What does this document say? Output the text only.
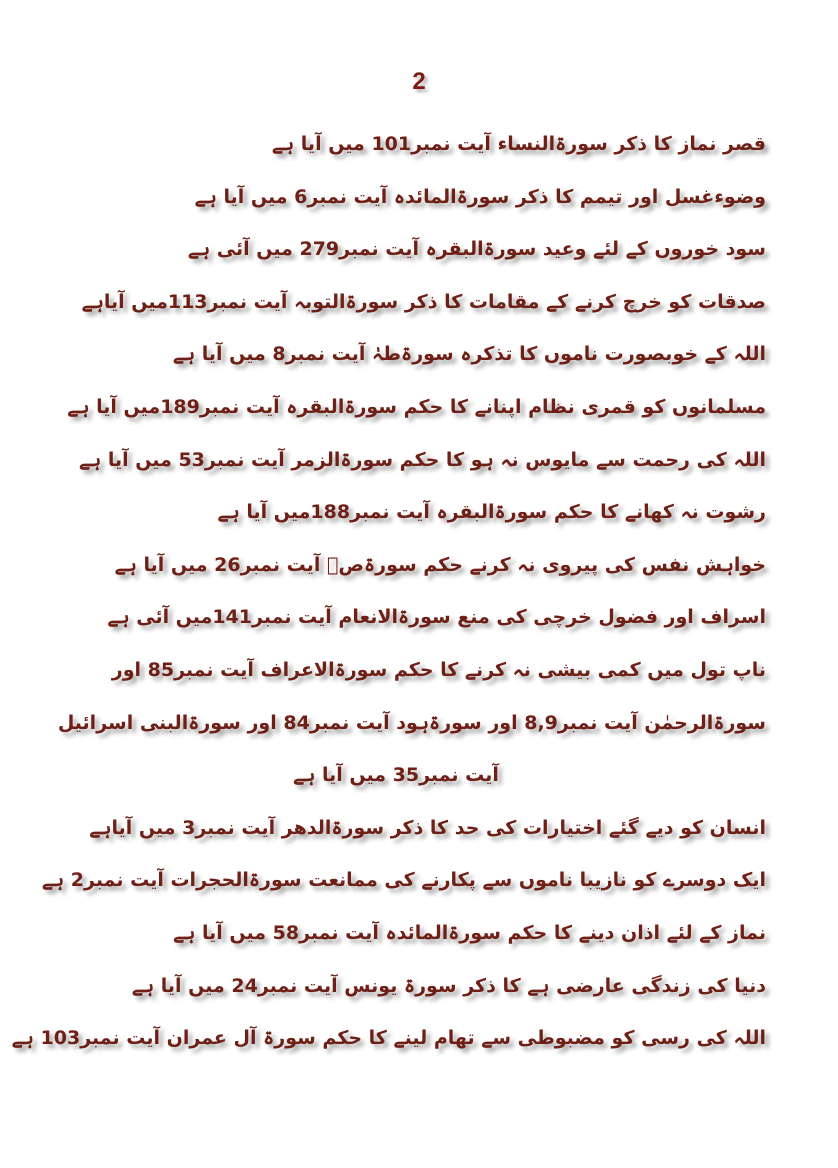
2
قصر نماز کا ذکر سورۃالنساء آیت نمبر101 میں آیا ہے
وضوءغسل اور تیمم کا ذکر سورۃالمائدہ آیت نمبر6 میں آیا ہے
سود خوروں کے لئے وعید سورۃالبقرہ آیت نمبر279 میں آئی ہے
صدقات کو خرچ کرنے کے مقامات کا ذکر سورۃالتوبہ آیت نمبر113میں آیاہے
اللہ کے خوبصورت ناموں کا تذکرہ سورۃطہٰ آیت نمبر8 میں آیا ہے
مسلمانوں کو قمری نظام اپنانے کا حکم سورۃالبقرہ آیت نمبر189میں آیا ہے
اللہ کی رحمت سے مایوس نہ ہو کا حکم سورۃالزمر آیت نمبر53 میں آیا ہے
رشوت نہ کھانے کا حکم سورۃالبقرہ آیت نمبر188میں آیا ہے
خواہش نفس کی پیروی نہ کرنے حکم سورۃصؔ آیت نمبر26 میں آیا ہے
اسراف اور فضول خرچی کی منع سورۃالانعام آیت نمبر141میں آئی ہے
ناپ تول میں کمی بیشی نہ کرنے کا حکم سورۃالاعراف آیت نمبر85 اور
سورۃالرحمٰن آیت نمبر8,9 اور سورۃہود آیت نمبر84 اور سورۃالبنی اسرائیل
آیت نمبر35 میں آیا ہے
انسان کو دیے گئے اختیارات کی حد کا ذکر سورۃالدھر آیت نمبر3 میں آیاہے
ایک دوسرے کو نازیبا ناموں سے پکارنے کی ممانعت سورۃالحجرات آیت نمبر2 ہے
نماز کے لئے اذان دینے کا حکم سورۃالمائدہ آیت نمبر58 میں آیا ہے
دنیا کی زندگی عارضی ہے کا ذکر سورۃ یونس آیت نمبر24 میں آیا ہے
اللہ کی رسی کو مضبوطی سے تھام لینے کا حکم سورۃ آل عمران آیت نمبر103 ہے
